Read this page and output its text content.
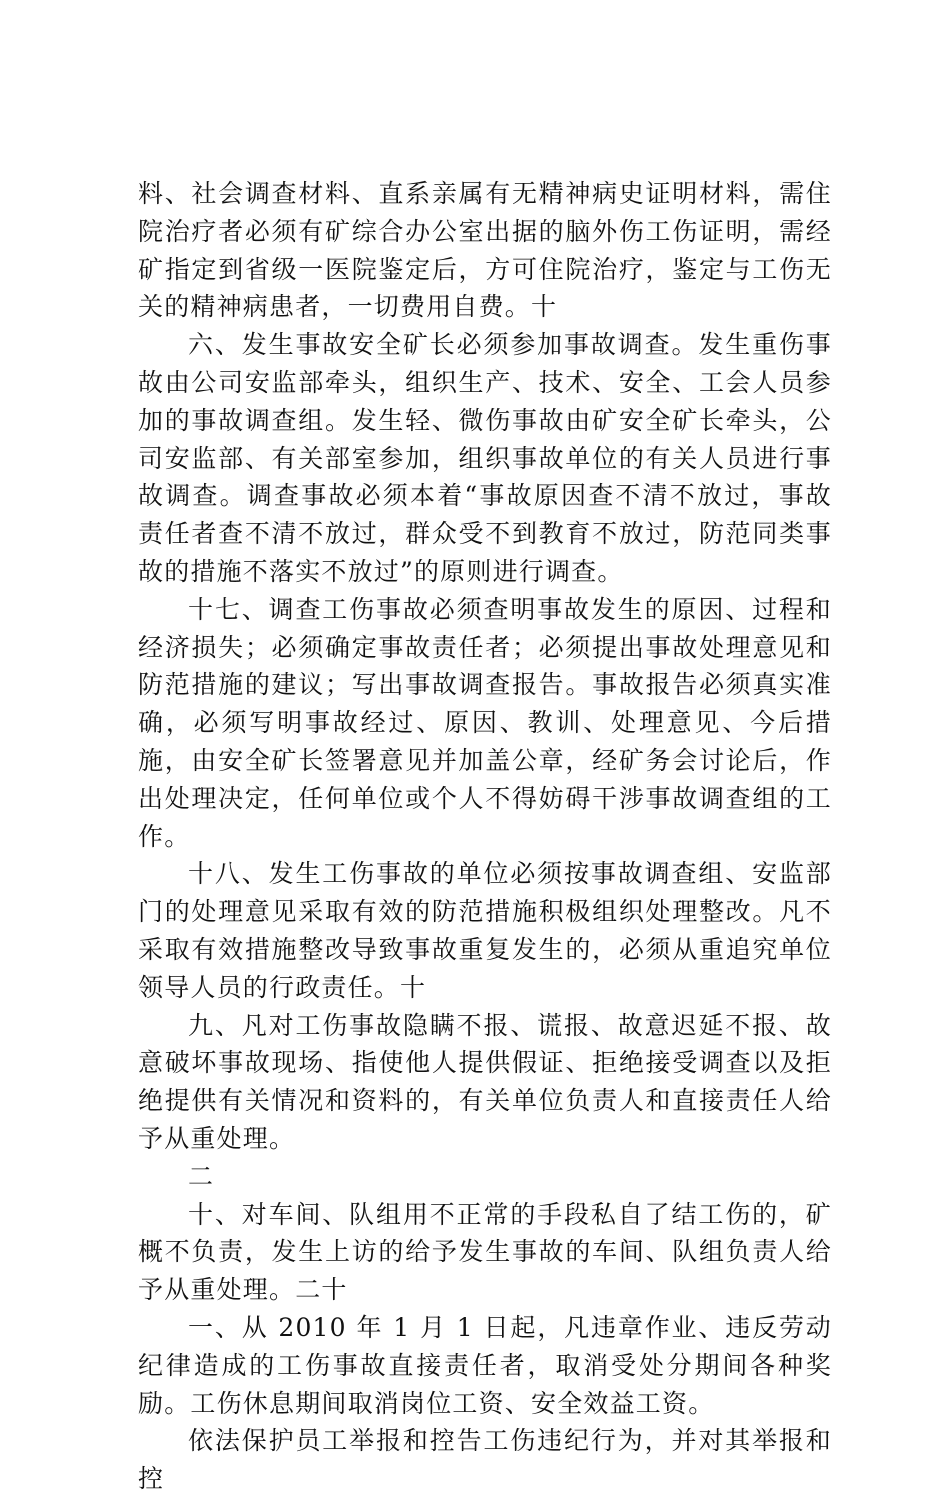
料、社会调查材料、直系亲属有无精神病史证明材料，需住院治疗者必须有矿综合办公室出据的脑外伤工伤证明，需经矿指定到省级一医院鉴定后，方可住院治疗，鉴定与工伤无关的精神病患者，一切费用自费。十

六、发生事故安全矿长必须参加事故调查。发生重伤事故由公司安监部牵头，组织生产、技术、安全、工会人员参加的事故调查组。发生轻、微伤事故由矿安全矿长牵头，公司安监部、有关部室参加，组织事故单位的有关人员进行事故调查。调查事故必须本着“事故原因查不清不放过，事故责任者查不清不放过，群众受不到教育不放过，防范同类事故的措施不落实不放过”的原则进行调查。

十七、调查工伤事故必须查明事故发生的原因、过程和经济损失；必须确定事故责任者；必须提出事故处理意见和防范措施的建议；写出事故调查报告。事故报告必须真实准确，必须写明事故经过、原因、教训、处理意见、今后措施，由安全矿长签署意见并加盖公章，经矿务会讨论后，作出处理决定，任何单位或个人不得妨碍干涉事故调查组的工作。

十八、发生工伤事故的单位必须按事故调查组、安监部门的处理意见采取有效的防范措施积极组织处理整改。凡不采取有效措施整改导致事故重复发生的，必须从重追究单位领导人员的行政责任。十

九、凡对工伤事故隐瞒不报、谎报、故意迟延不报、故意破坏事故现场、指使他人提供假证、拒绝接受调查以及拒绝提供有关情况和资料的，有关单位负责人和直接责任人给予从重处理。

二

十、对车间、队组用不正常的手段私自了结工伤的，矿概不负责，发生上访的给予发生事故的车间、队组负责人给予从重处理。二十

一、从 2010 年 1 月 1 日起，凡违章作业、违反劳动纪律造成的工伤事故直接责任者，取消受处分期间各种奖励。工伤休息期间取消岗位工资、安全效益工资。

依法保护员工举报和控告工伤违纪行为，并对其举报和控
